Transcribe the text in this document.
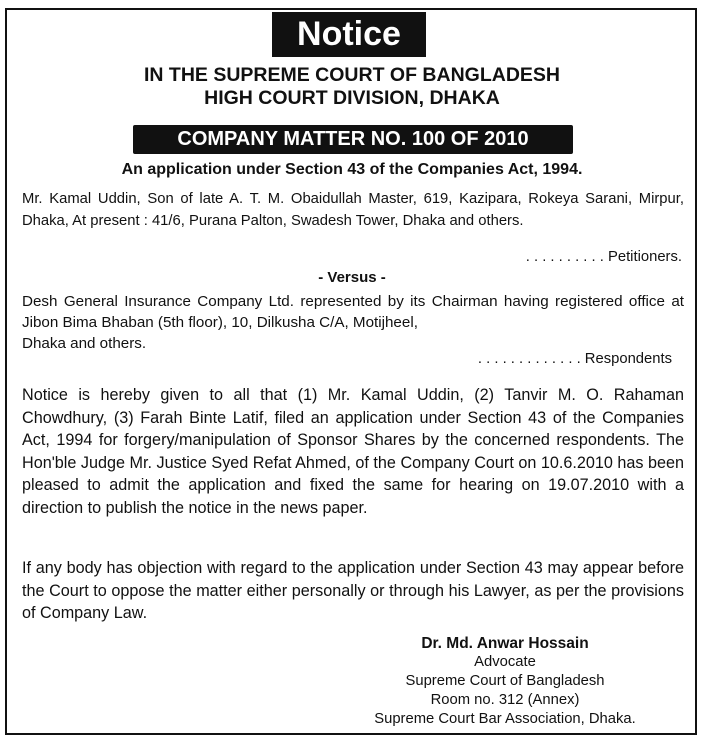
Notice
IN THE SUPREME COURT OF BANGLADESH
HIGH COURT DIVISION, DHAKA
COMPANY MATTER NO. 100 OF 2010
An application under Section 43 of the Companies Act, 1994.
Mr. Kamal Uddin, Son of late A. T. M. Obaidullah Master, 619, Kazipara, Rokeya Sarani, Mirpur, Dhaka, At present : 41/6, Purana Palton, Swadesh Tower, Dhaka and others.
. . . . . . . . . . Petitioners.
- Versus -
Desh General Insurance Company Ltd. represented by its Chairman having registered office at Jibon Bima Bhaban (5th floor), 10, Dilkusha C/A, Motijheel,
Dhaka and others.
. . . . . . . . . . . . . Respondents
Notice is hereby given to all that (1) Mr. Kamal Uddin, (2) Tanvir M. O. Rahaman Chowdhury, (3) Farah Binte Latif, filed an application under Section 43 of the Companies Act, 1994 for forgery/manipulation of Sponsor Shares by the concerned respondents. The Hon'ble Judge Mr. Justice Syed Refat Ahmed, of the Company Court on 10.6.2010 has been pleased to admit the application and fixed the same for hearing on 19.07.2010 with a direction to publish the notice in the news paper.
If any body has objection with regard to the application under Section 43 may appear before the Court to oppose the matter either personally or through his Lawyer, as per the provisions of Company Law.
Dr. Md. Anwar Hossain
Advocate
Supreme Court of Bangladesh
Room no. 312 (Annex)
Supreme Court Bar Association, Dhaka.
